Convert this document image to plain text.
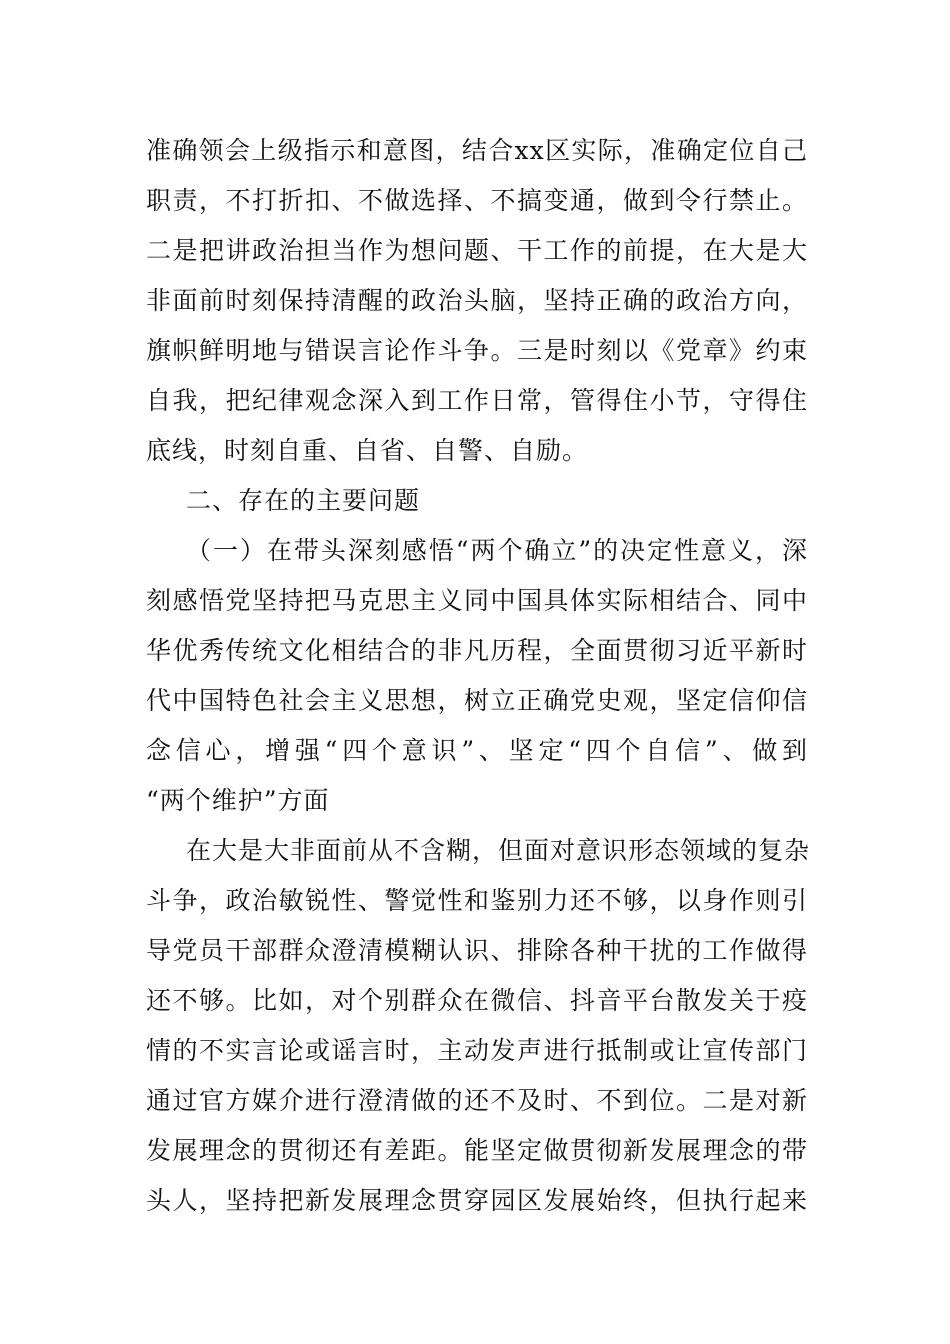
准确领会上级指示和意图，结合xx区实际，准确定位自己
职责，不打折扣、不做选择、不搞变通，做到令行禁止。
二是把讲政治担当作为想问题、干工作的前提，在大是大
非面前时刻保持清醒的政治头脑，坚持正确的政治方向，
旗帜鲜明地与错误言论作斗争。三是时刻以《党章》约束
自我，把纪律观念深入到工作日常，管得住小节，守得住
底线，时刻自重、自省、自警、自励。
二、存在的主要问题
（一）在带头深刻感悟“两个确立”的决定性意义，深
刻感悟党坚持把马克思主义同中国具体实际相结合、同中
华优秀传统文化相结合的非凡历程，全面贯彻习近平新时
代中国特色社会主义思想，树立正确党史观，坚定信仰信
念信心，增强“四个意识”、坚定“四个自信”、做到
“两个维护”方面
在大是大非面前从不含糊，但面对意识形态领域的复杂
斗争，政治敏锐性、警觉性和鉴别力还不够，以身作则引
导党员干部群众澄清模糊认识、排除各种干扰的工作做得
还不够。比如，对个别群众在微信、抖音平台散发关于疫
情的不实言论或谣言时，主动发声进行抵制或让宣传部门
通过官方媒介进行澄清做的还不及时、不到位。二是对新
发展理念的贯彻还有差距。能坚定做贯彻新发展理念的带
头人，坚持把新发展理念贯穿园区发展始终，但执行起来
